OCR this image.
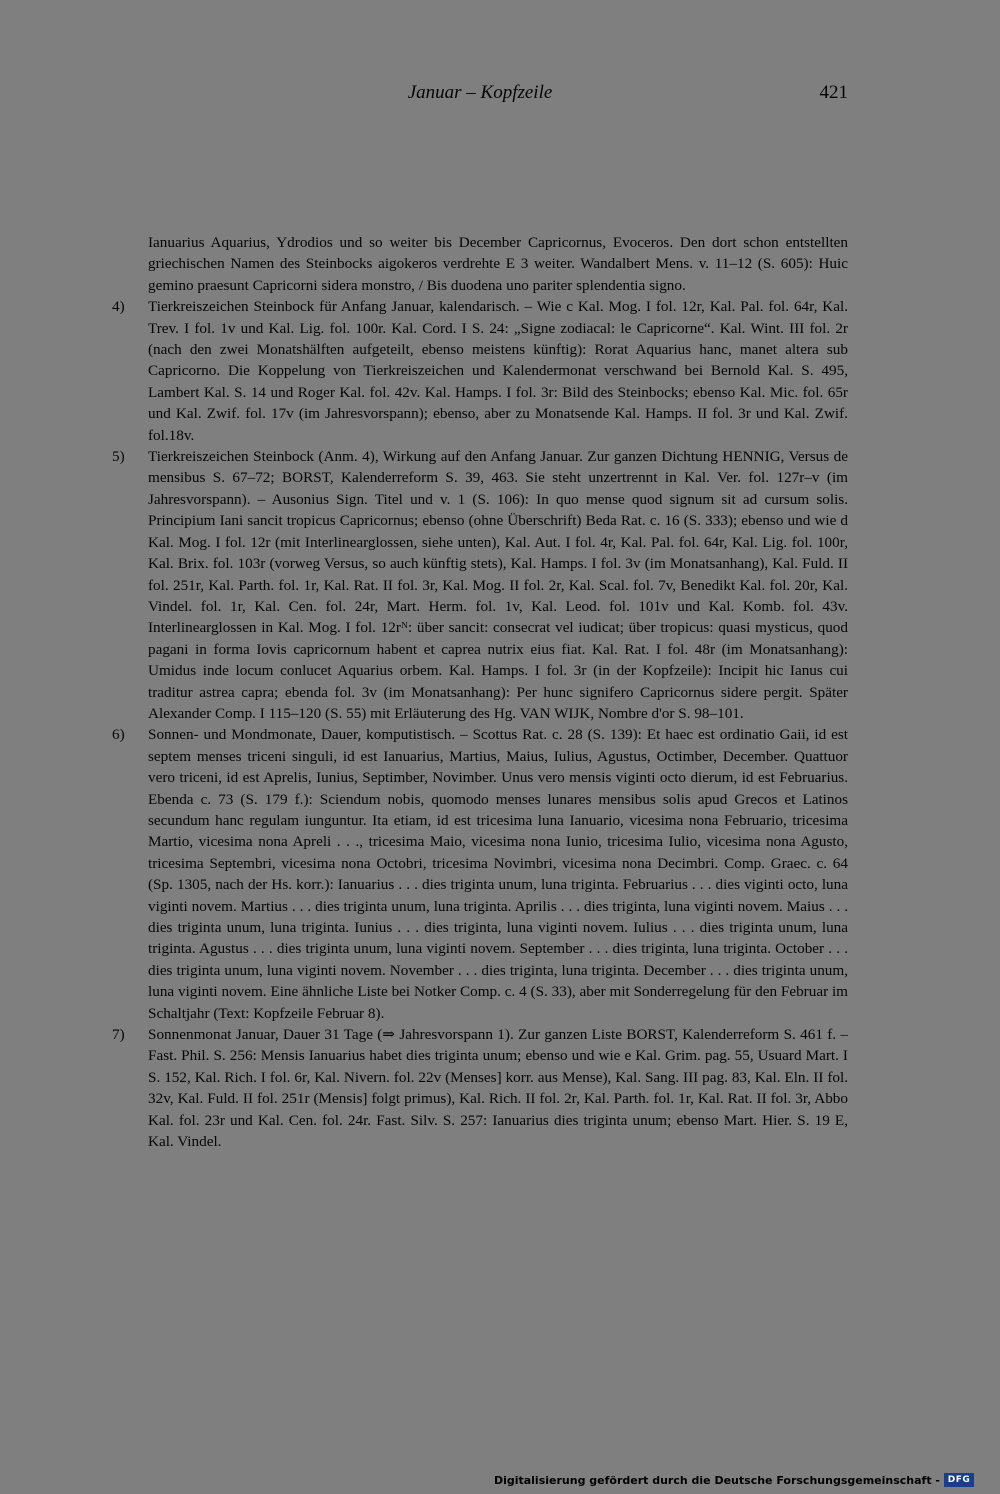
Januar – Kopfzeile	421

Ianuarius Aquarius, Ydrodios und so weiter bis December Capricornus, Evoceros. Den dort schon entstellten griechischen Namen des Steinbocks aigokeros verdrehte E 3 weiter. Wandalbert Mens. v. 11–12 (S. 605): Huic gemino praesunt Capricorni sidera monstro, / Bis duodena uno pariter splendentia signo.

4) Tierkreiszeichen Steinbock für Anfang Januar, kalendarisch. – Wie c Kal. Mog. I fol. 12r, Kal. Pal. fol. 64r, Kal. Trev. I fol. 1v und Kal. Lig. fol. 100r. Kal. Cord. I S. 24: „Signe zodiacal: le Capricorne“. Kal. Wint. III fol. 2r (nach den zwei Monatshälften aufgeteilt, ebenso meistens künftig): Rorat Aquarius hanc, manet altera sub Capricorno. Die Koppelung von Tierkreiszeichen und Kalendermonat verschwand bei Bernold Kal. S. 495, Lambert Kal. S. 14 und Roger Kal. fol. 42v. Kal. Hamps. I fol. 3r: Bild des Steinbocks; ebenso Kal. Mic. fol. 65r und Kal. Zwif. fol. 17v (im Jahresvorspann); ebenso, aber zu Monatsende Kal. Hamps. II fol. 3r und Kal. Zwif. fol.18v.
5) Tierkreiszeichen Steinbock (Anm. 4), Wirkung auf den Anfang Januar. Zur ganzen Dichtung HENNIG, Versus de mensibus S. 67–72; BORST, Kalenderreform S. 39, 463. Sie steht unzertrennt in Kal. Ver. fol. 127r–v (im Jahresvorspann). – Ausonius Sign. Titel und v. 1 (S. 106): In quo mense quod signum sit ad cursum solis. Principium Iani sancit tropicus Capricornus; ebenso (ohne Überschrift) Beda Rat. c. 16 (S. 333); ebenso und wie d Kal. Mog. I fol. 12r (mit Interlinearglossen, siehe unten), Kal. Aut. I fol. 4r, Kal. Pal. fol. 64r, Kal. Lig. fol. 100r, Kal. Brix. fol. 103r (vorweg Versus, so auch künftig stets), Kal. Hamps. I fol. 3v (im Monatsanhang), Kal. Fuld. II fol. 251r, Kal. Parth. fol. 1r, Kal. Rat. II fol. 3r, Kal. Mog. II fol. 2r, Kal. Scal. fol. 7v, Benedikt Kal. fol. 20r, Kal. Vindel. fol. 1r, Kal. Cen. fol. 24r, Mart. Herm. fol. 1v, Kal. Leod. fol. 101v und Kal. Komb. fol. 43v. Interlinearglossen in Kal. Mog. I fol. 12rᴺ: über sancit: consecrat vel iudicat; über tropicus: quasi mysticus, quod pagani in forma Iovis capricornum habent et caprea nutrix eius fiat. Kal. Rat. I fol. 48r (im Monatsanhang): Umidus inde locum conlucet Aquarius orbem. Kal. Hamps. I fol. 3r (in der Kopfzeile): Incipit hic Ianus cui traditur astrea capra; ebenda fol. 3v (im Monatsanhang): Per hunc signifero Capricornus sidere pergit. Später Alexander Comp. I 115–120 (S. 55) mit Erläuterung des Hg. VAN WIJK, Nombre d'or S. 98–101.
6) Sonnen- und Mondmonate, Dauer, komputistisch. – Scottus Rat. c. 28 (S. 139): Et haec est ordinatio Gaii, id est septem menses triceni singuli, id est Ianuarius, Martius, Maius, Iulius, Agustus, Octimber, December. Quattuor vero triceni, id est Aprelis, Iunius, Septimber, Novimber. Unus vero mensis viginti octo dierum, id est Februarius. Ebenda c. 73 (S. 179 f.): Sciendum nobis, quomodo menses lunares mensibus solis apud Grecos et Latinos secundum hanc regulam iunguntur. Ita etiam, id est tricesima luna Ianuario, vicesima nona Februario, tricesima Martio, vicesima nona Apreli . . ., tricesima Maio, vicesima nona Iunio, tricesima Iulio, vicesima nona Agusto, tricesima Septembri, vicesima nona Octobri, tricesima Novimbri, vicesima nona Decimbri. Comp. Graec. c. 64 (Sp. 1305, nach der Hs. korr.): Ianuarius . . . dies triginta unum, luna triginta. Februarius . . . dies viginti octo, luna viginti novem. Martius . . . dies triginta unum, luna triginta. Aprilis . . . dies triginta, luna viginti novem. Maius . . . dies triginta unum, luna triginta. Iunius . . . dies triginta, luna viginti novem. Iulius . . . dies triginta unum, luna triginta. Agustus . . . dies triginta unum, luna viginti novem. September . . . dies triginta, luna triginta. October . . . dies triginta unum, luna viginti novem. November . . . dies triginta, luna triginta. December . . . dies triginta unum, luna viginti novem. Eine ähnliche Liste bei Notker Comp. c. 4 (S. 33), aber mit Sonderregelung für den Februar im Schaltjahr (Text: Kopfzeile Februar 8).
7) Sonnenmonat Januar, Dauer 31 Tage (⇒ Jahresvorspann 1). Zur ganzen Liste BORST, Kalenderreform S. 461 f. – Fast. Phil. S. 256: Mensis Ianuarius habet dies triginta unum; ebenso und wie e Kal. Grim. pag. 55, Usuard Mart. I S. 152, Kal. Rich. I fol. 6r, Kal. Nivern. fol. 22v (Menses] korr. aus Mense), Kal. Sang. III pag. 83, Kal. Eln. II fol. 32v, Kal. Fuld. II fol. 251r (Mensis] folgt primus), Kal. Rich. II fol. 2r, Kal. Parth. fol. 1r, Kal. Rat. II fol. 3r, Abbo Kal. fol. 23r und Kal. Cen. fol. 24r. Fast. Silv. S. 257: Ianuarius dies triginta unum; ebenso Mart. Hier. S. 19 E, Kal. Vindel.
Digitalisierung gefördert durch die Deutsche Forschungsgemeinschaft - DFG
